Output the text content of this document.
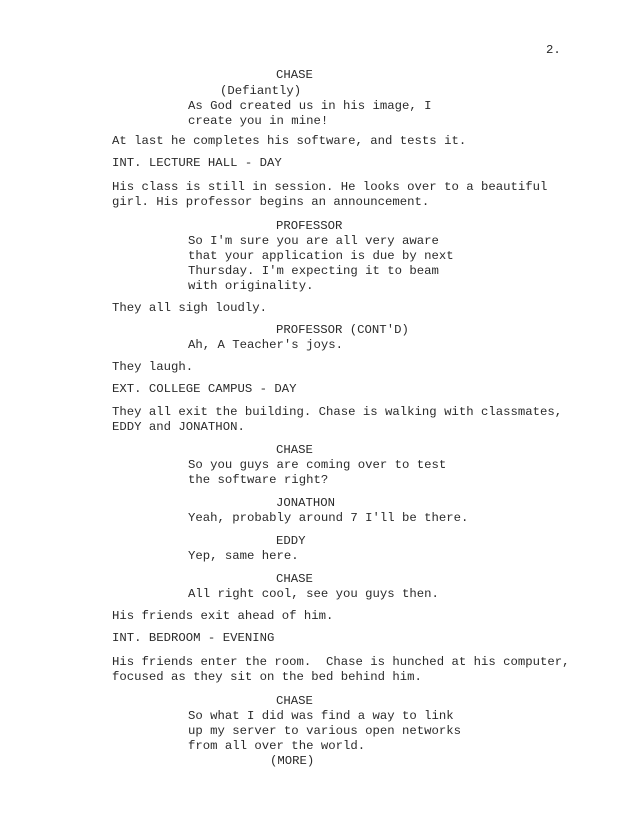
2.
CHASE
(Defiantly)
As God created us in his image, I
create you in mine!
At last he completes his software, and tests it.
INT. LECTURE HALL - DAY
His class is still in session. He looks over to a beautiful
girl. His professor begins an announcement.
PROFESSOR
So I'm sure you are all very aware
that your application is due by next
Thursday. I'm expecting it to beam
with originality.
They all sigh loudly.
PROFESSOR (CONT'D)
Ah, A Teacher's joys.
They laugh.
EXT. COLLEGE CAMPUS - DAY
They all exit the building. Chase is walking with classmates,
EDDY and JONATHON.
CHASE
So you guys are coming over to test
the software right?
JONATHON
Yeah, probably around 7 I'll be there.
EDDY
Yep, same here.
CHASE
All right cool, see you guys then.
His friends exit ahead of him.
INT. BEDROOM - EVENING
His friends enter the room.  Chase is hunched at his computer,
focused as they sit on the bed behind him.
CHASE
So what I did was find a way to link
up my server to various open networks
from all over the world.
(MORE)
